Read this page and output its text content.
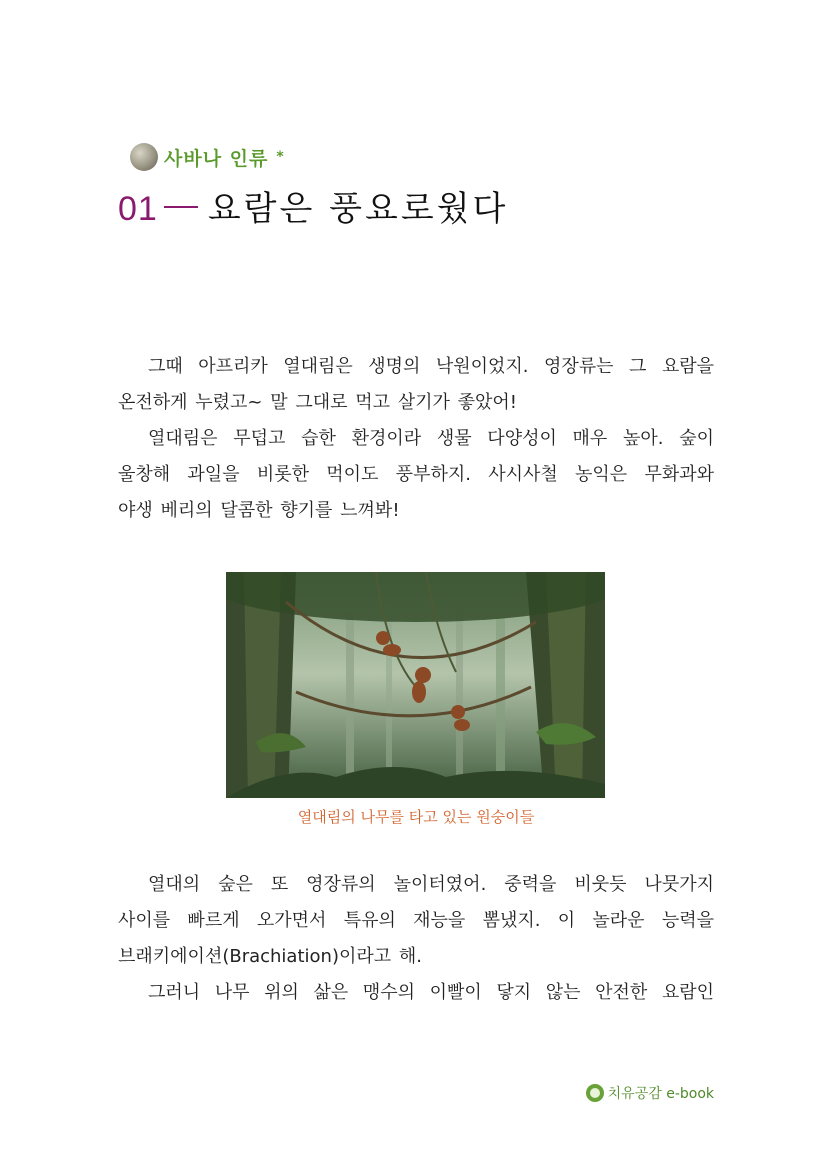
사바나 인류 *
01 요람은 풍요로웠다

그때 아프리카 열대림은 생명의 낙원이었지. 영장류는 그 요람을
온전하게 누렸고~ 말 그대로 먹고 살기가 좋았어!

열대림은 무덥고 습한 환경이라 생물 다양성이 매우 높아. 숲이
울창해 과일을 비롯한 먹이도 풍부하지. 사시사철 농익은 무화과와
야생 베리의 달콤한 향기를 느껴봐!

열대림의 나무를 타고 있는 원숭이들

열대의 숲은 또 영장류의 놀이터였어. 중력을 비웃듯 나뭇가지
사이를 빠르게 오가면서 특유의 재능을 뽐냈지. 이 놀라운 능력을
브래키에이션(Brachiation)이라고 해.

그러니 나무 위의 삶은 맹수의 이빨이 닿지 않는 안전한 요람인

치유공감 e-book
